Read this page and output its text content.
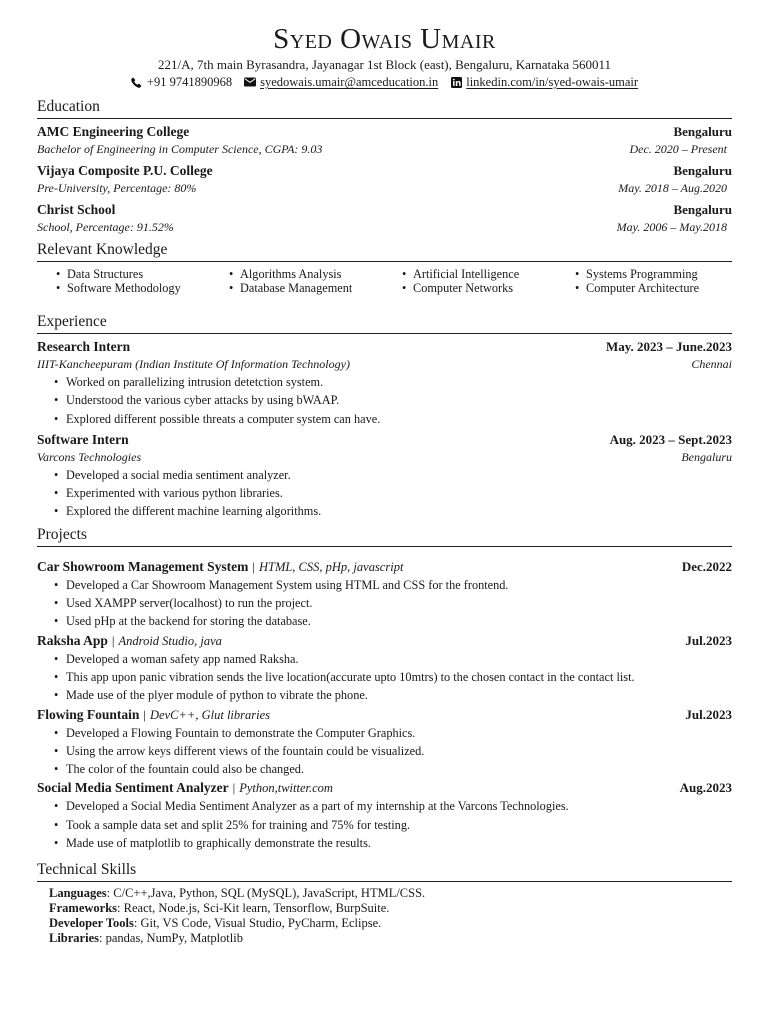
Syed Owais Umair
221/A, 7th main Byrasandra, Jayanagar 1st Block (east), Bengaluru, Karnataka 560011
+91 9741890968 syedowais.umair@amceducation.in linkedin.com/in/syed-owais-umair
Education
AMC Engineering College	Bengaluru
Bachelor of Engineering in Computer Science, CGPA: 9.03	Dec. 2020 – Present
Vijaya Composite P.U. College	Bengaluru
Pre-University, Percentage: 80%	May. 2018 – Aug.2020
Christ School	Bengaluru
School, Percentage: 91.52%	May. 2006 – May.2018
Relevant Knowledge
• Data Structures	• Algorithms Analysis	• Artificial Intelligence	• Systems Programming
• Software Methodology	• Database Management	• Computer Networks	• Computer Architecture
Experience
Research Intern	May. 2023 – June.2023
IIIT-Kancheepuram (Indian Institute Of Information Technology)	Chennai
• Worked on parallelizing intrusion detetction system.
• Understood the various cyber attacks by using bWAAP.
• Explored different possible threats a computer system can have.
Software Intern	Aug. 2023 – Sept.2023
Varcons Technologies	Bengaluru
• Developed a social media sentiment analyzer.
• Experimented with various python libraries.
• Explored the different machine learning algorithms.
Projects
Car Showroom Management System | HTML, CSS, pHp, javascript	Dec.2022
• Developed a Car Showroom Management System using HTML and CSS for the frontend.
• Used XAMPP server(localhost) to run the project.
• Used pHp at the backend for storing the database.
Raksha App | Android Studio, java	Jul.2023
• Developed a woman safety app named Raksha.
• This app upon panic vibration sends the live location(accurate upto 10mtrs) to the chosen contact in the contact list.
• Made use of the plyer module of python to vibrate the phone.
Flowing Fountain | DevC++, Glut libraries	Jul.2023
• Developed a Flowing Fountain to demonstrate the Computer Graphics.
• Using the arrow keys different views of the fountain could be visualized.
• The color of the fountain could also be changed.
Social Media Sentiment Analyzer | Python,twitter.com	Aug.2023
• Developed a Social Media Sentiment Analyzer as a part of my internship at the Varcons Technologies.
• Took a sample data set and split 25% for training and 75% for testing.
• Made use of matplotlib to graphically demonstrate the results.
Technical Skills
Languages: C/C++,Java, Python, SQL (MySQL), JavaScript, HTML/CSS.
Frameworks: React, Node.js, Sci-Kit learn, Tensorflow, BurpSuite.
Developer Tools: Git, VS Code, Visual Studio, PyCharm, Eclipse.
Libraries: pandas, NumPy, Matplotlib
